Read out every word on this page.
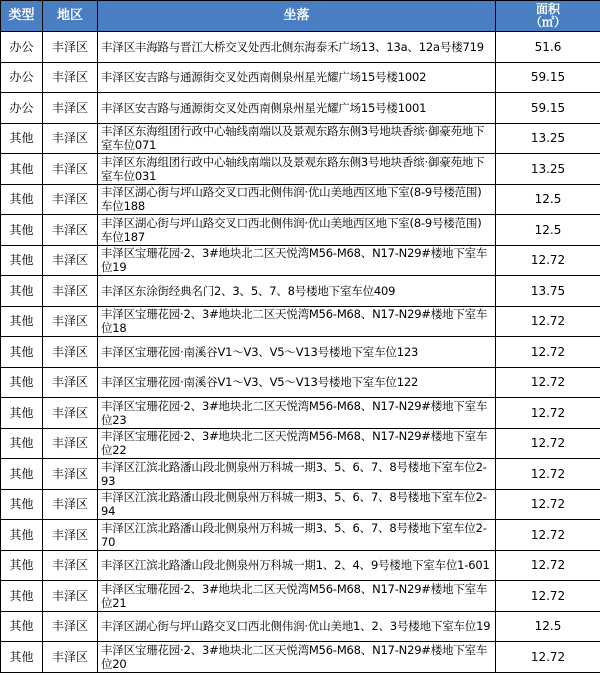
类型	地区	坐落	面积
（㎡）
办公	丰泽区	丰泽区丰海路与晋江大桥交叉处西北侧东海泰禾广场13、13a、12a号楼719	51.6
办公	丰泽区	丰泽区安吉路与通源街交叉处西南侧泉州星光耀广场15号楼1002	59.15
办公	丰泽区	丰泽区安吉路与通源街交叉处西南侧泉州星光耀广场15号楼1001	59.15
其他	丰泽区	丰泽区东海组团行政中心轴线南端以及景观东路东侧3号地块香缤·御豪苑地下室车位071	13.25
其他	丰泽区	丰泽区东海组团行政中心轴线南端以及景观东路东侧3号地块香缤·御豪苑地下室车位031	13.25
其他	丰泽区	丰泽区湖心街与坪山路交叉口西北侧伟润·优山美地西区地下室(8-9号楼范围)车位188	12.5
其他	丰泽区	丰泽区湖心街与坪山路交叉口西北侧伟润·优山美地西区地下室(8-9号楼范围)车位187	12.5
其他	丰泽区	丰泽区宝珊花园·2、3#地块北二区天悦湾M56-M68、N17-N29#楼地下室车位19	12.72
其他	丰泽区	丰泽区东涂街经典名门2、3、5、7、8号楼地下室车位409	13.75
其他	丰泽区	丰泽区宝珊花园·2、3#地块北二区天悦湾M56-M68、N17-N29#楼地下室车位18	12.72
其他	丰泽区	丰泽区宝珊花园·南溪谷V1～V3、V5～V13号楼地下室车位123	12.72
其他	丰泽区	丰泽区宝珊花园·南溪谷V1～V3、V5～V13号楼地下室车位122	12.72
其他	丰泽区	丰泽区宝珊花园·2、3#地块北二区天悦湾M56-M68、N17-N29#楼地下室车位23	12.72
其他	丰泽区	丰泽区宝珊花园·2、3#地块北二区天悦湾M56-M68、N17-N29#楼地下室车位22	12.72
其他	丰泽区	丰泽区江滨北路潘山段北侧泉州万科城一期3、5、6、7、8号楼地下室车位2-93	12.72
其他	丰泽区	丰泽区江滨北路潘山段北侧泉州万科城一期3、5、6、7、8号楼地下室车位2-94	12.72
其他	丰泽区	丰泽区江滨北路潘山段北侧泉州万科城一期3、5、6、7、8号楼地下室车位2-70	12.72
其他	丰泽区	丰泽区江滨北路潘山段北侧泉州万科城一期1、2、4、9号楼地下室车位1-601	12.72
其他	丰泽区	丰泽区宝珊花园·2、3#地块北二区天悦湾M56-M68、N17-N29#楼地下室车位21	12.72
其他	丰泽区	丰泽区湖心街与坪山路交叉口西北侧伟润·优山美地1、2、3号楼地下室车位19	12.5
其他	丰泽区	丰泽区宝珊花园·2、3#地块北二区天悦湾M56-M68、N17-N29#楼地下室车位20	12.72
